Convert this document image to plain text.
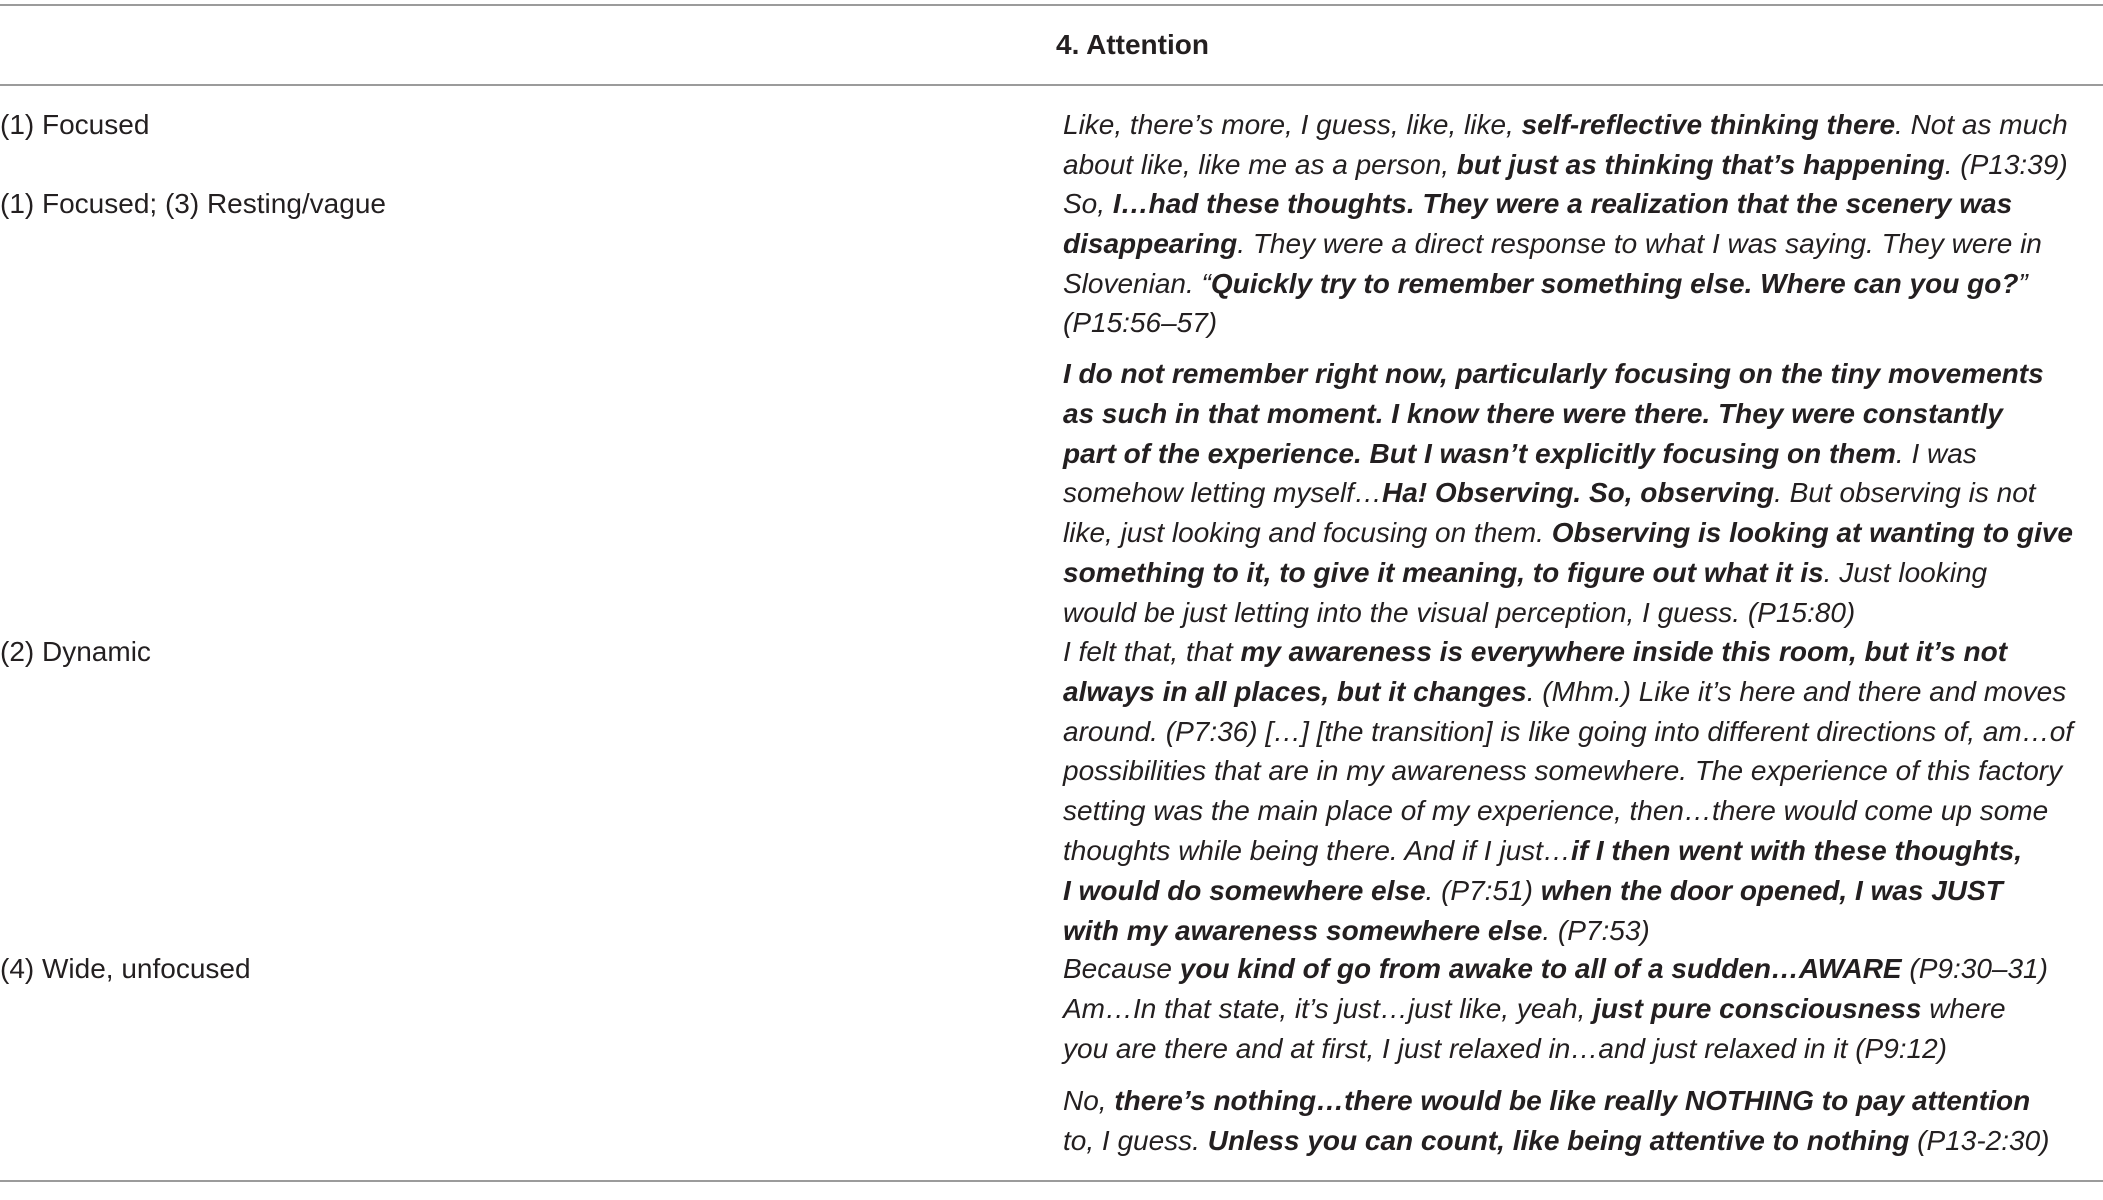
4. Attention
(1) Focused	Like, there’s more, I guess, like, like, self-reflective thinking there. Not as much
about like, like me as a person, but just as thinking that’s happening. (P13:39)
(1) Focused; (3) Resting/vague	So, I…had these thoughts. They were a realization that the scenery was
disappearing. They were a direct response to what I was saying. They were in
Slovenian. “Quickly try to remember something else. Where can you go?”
(P15:56–57)
I do not remember right now, particularly focusing on the tiny movements
as such in that moment. I know there were there. They were constantly
part of the experience. But I wasn’t explicitly focusing on them. I was
somehow letting myself…Ha! Observing. So, observing. But observing is not
like, just looking and focusing on them. Observing is looking at wanting to give
something to it, to give it meaning, to figure out what it is. Just looking
would be just letting into the visual perception, I guess. (P15:80)
(2) Dynamic	I felt that, that my awareness is everywhere inside this room, but it’s not
always in all places, but it changes. (Mhm.) Like it’s here and there and moves
around. (P7:36) […] [the transition] is like going into different directions of, am…of
possibilities that are in my awareness somewhere. The experience of this factory
setting was the main place of my experience, then…there would come up some
thoughts while being there. And if I just…if I then went with these thoughts,
I would do somewhere else. (P7:51) when the door opened, I was JUST
with my awareness somewhere else. (P7:53)
(4) Wide, unfocused	Because you kind of go from awake to all of a sudden…AWARE (P9:30–31)
Am…In that state, it’s just…just like, yeah, just pure consciousness where
you are there and at first, I just relaxed in…and just relaxed in it (P9:12)
No, there’s nothing…there would be like really NOTHING to pay attention
to, I guess. Unless you can count, like being attentive to nothing (P13-2:30)
